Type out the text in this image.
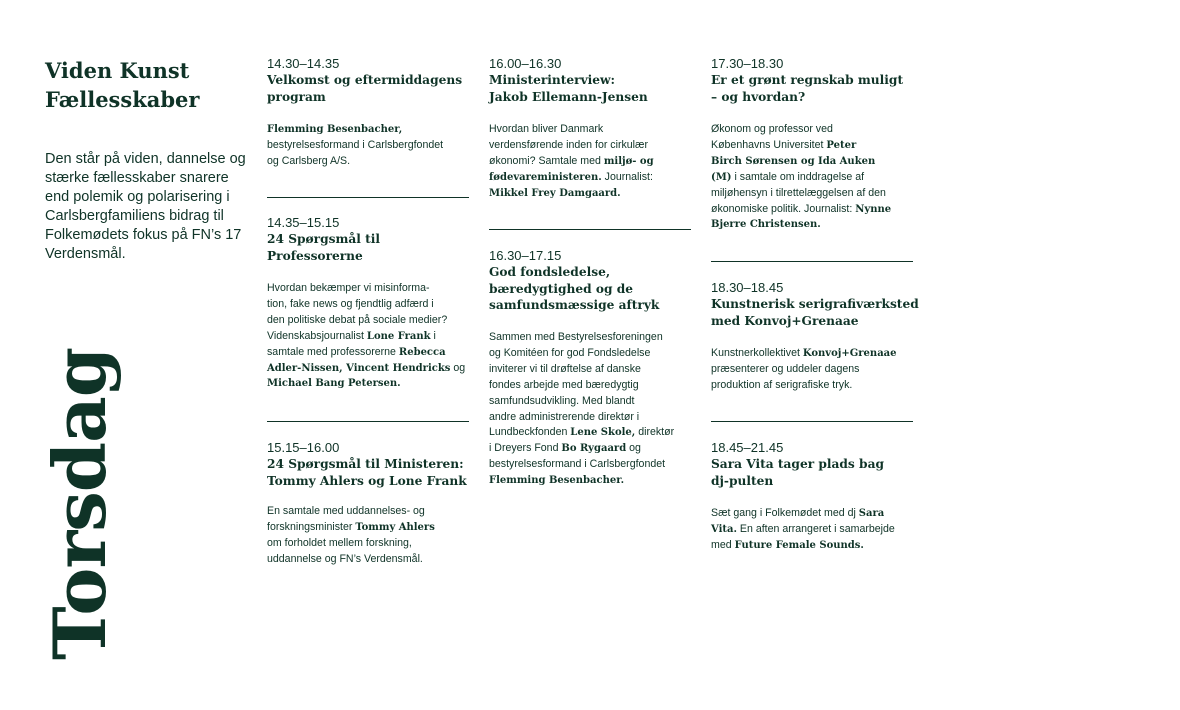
Viden Kunst
Fællesskaber
Den står på viden, dannelse og stærke fællesskaber snarere end polemik og polarisering i Carlsbergfamiliens bidrag til Folkemødets fokus på FN’s 17 Verdensmål.
Torsdag
14.30–14.35
Velkomst og eftermiddagens
program
Flemming Besenbacher,
bestyrelsesformand i Carlsbergfondet
og Carlsberg A/S.
14.35–15.15
24 Spørgsmål til Professorerne
Hvordan bekæmper vi misinforma-
tion, fake news og fjendtlig adfærd i
den politiske debat på sociale medier?
Videnskabsjournalist Lone Frank i
samtale med professorerne Rebecca
Adler-Nissen, Vincent Hendricks og
Michael Bang Petersen.
15.15–16.00
24 Spørgsmål til Ministeren:
Tommy Ahlers og Lone Frank
En samtale med uddannelses- og
forskningsminister Tommy Ahlers
om forholdet mellem forskning,
uddannelse og FN’s Verdensmål.
16.00–16.30
Ministerinterview:
Jakob Ellemann-Jensen
Hvordan bliver Danmark
verdensførende inden for cirkulær
økonomi? Samtale med miljø- og
fødevareministeren. Journalist:
Mikkel Frey Damgaard.
16.30–17.15
God fondsledelse,
bæredygtighed og de
samfundsmæssige aftryk
Sammen med Bestyrelsesforeningen
og Komitéen for god Fondsledelse
inviterer vi til drøftelse af danske
fondes arbejde med bæredygtig
samfundsudvikling. Med blandt
andre administrerende direktør i
Lundbeckfonden Lene Skole, direktør
i Dreyers Fond Bo Rygaard og
bestyrelsesformand i Carlsbergfondet
Flemming Besenbacher.
17.30–18.30
Er et grønt regnskab muligt
– og hvordan?
Økonom og professor ved
Københavns Universitet Peter
Birch Sørensen og Ida Auken
(M) i samtale om inddragelse af
miljøhensyn i tilrettelæggelsen af den
økonomiske politik. Journalist: Nynne
Bjerre Christensen.
18.30–18.45
Kunstnerisk serigrafiværksted
med Konvoj+Grenaae
Kunstnerkollektivet Konvoj+Grenaae
præsenterer og uddeler dagens
produktion af serigrafiske tryk.
18.45–21.45
Sara Vita tager plads bag
dj-pulten
Sæt gang i Folkemødet med dj Sara
Vita. En aften arrangeret i samarbejde
med Future Female Sounds.
